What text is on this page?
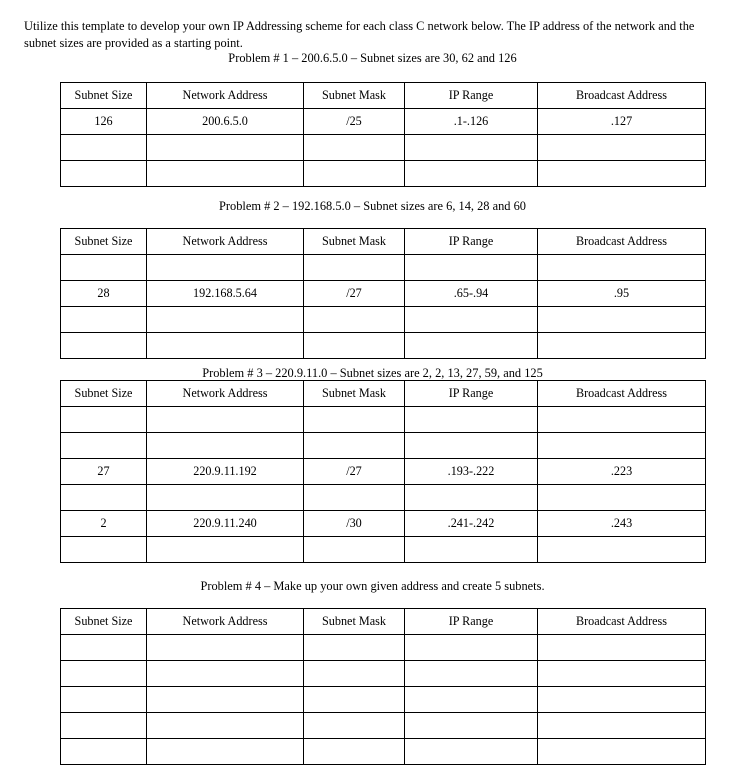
Utilize this template to develop your own IP Addressing scheme for each class C network below. The IP address of the network and the subnet sizes are provided as a starting point.

Problem # 1 – 200.6.5.0 – Subnet sizes are 30, 62 and 126
Subnet Size	Network Address	Subnet Mask	IP Range	Broadcast Address
126	200.6.5.0	/25	.1-.126	.127

Problem # 2 – 192.168.5.0 – Subnet sizes are 6, 14, 28 and 60
Subnet Size	Network Address	Subnet Mask	IP Range	Broadcast Address

28	192.168.5.64	/27	.65-.94	.95

Problem # 3 – 220.9.11.0 – Subnet sizes are 2, 2, 13, 27, 59, and 125
Subnet Size	Network Address	Subnet Mask	IP Range	Broadcast Address

27	220.9.11.192	/27	.193-.222	.223

2	220.9.11.240	/30	.241-.242	.243

Problem # 4 – Make up your own given address and create 5 subnets.
Subnet Size	Network Address	Subnet Mask	IP Range	Broadcast Address
